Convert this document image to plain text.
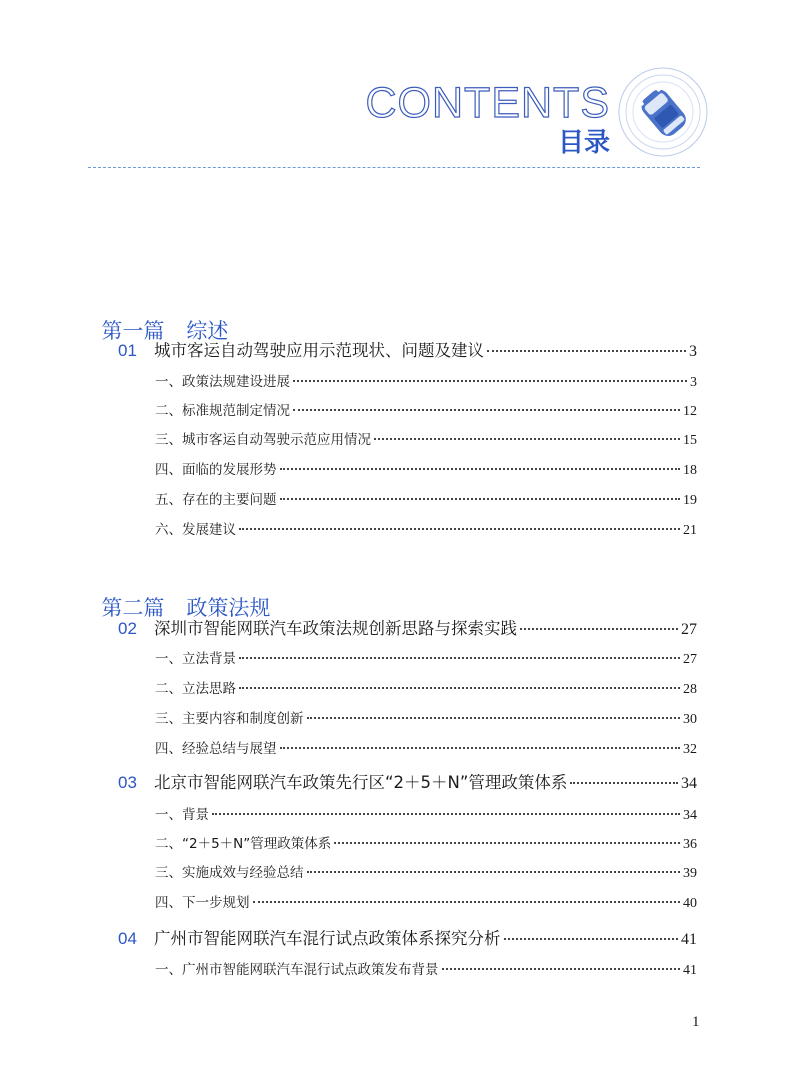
CONTENTS
目录

第一篇 综述

01	城市客运自动驾驶应用示范现状、问题及建议	3
一、政策法规建设进展	3
二、标准规范制定情况	12
三、城市客运自动驾驶示范应用情况	15
四、面临的发展形势	18
五、存在的主要问题	19
六、发展建议	21

第二篇 政策法规

02	深圳市智能网联汽车政策法规创新思路与探索实践	27
一、立法背景	27
二、立法思路	28
三、主要内容和制度创新	30
四、经验总结与展望	32
03	北京市智能网联汽车政策先行区“2＋5＋N”管理政策体系	34
一、背景	34
二、“2＋5＋N”管理政策体系	36
三、实施成效与经验总结	39
四、下一步规划	40
04	广州市智能网联汽车混行试点政策体系探究分析	41
一、广州市智能网联汽车混行试点政策发布背景	41
1
